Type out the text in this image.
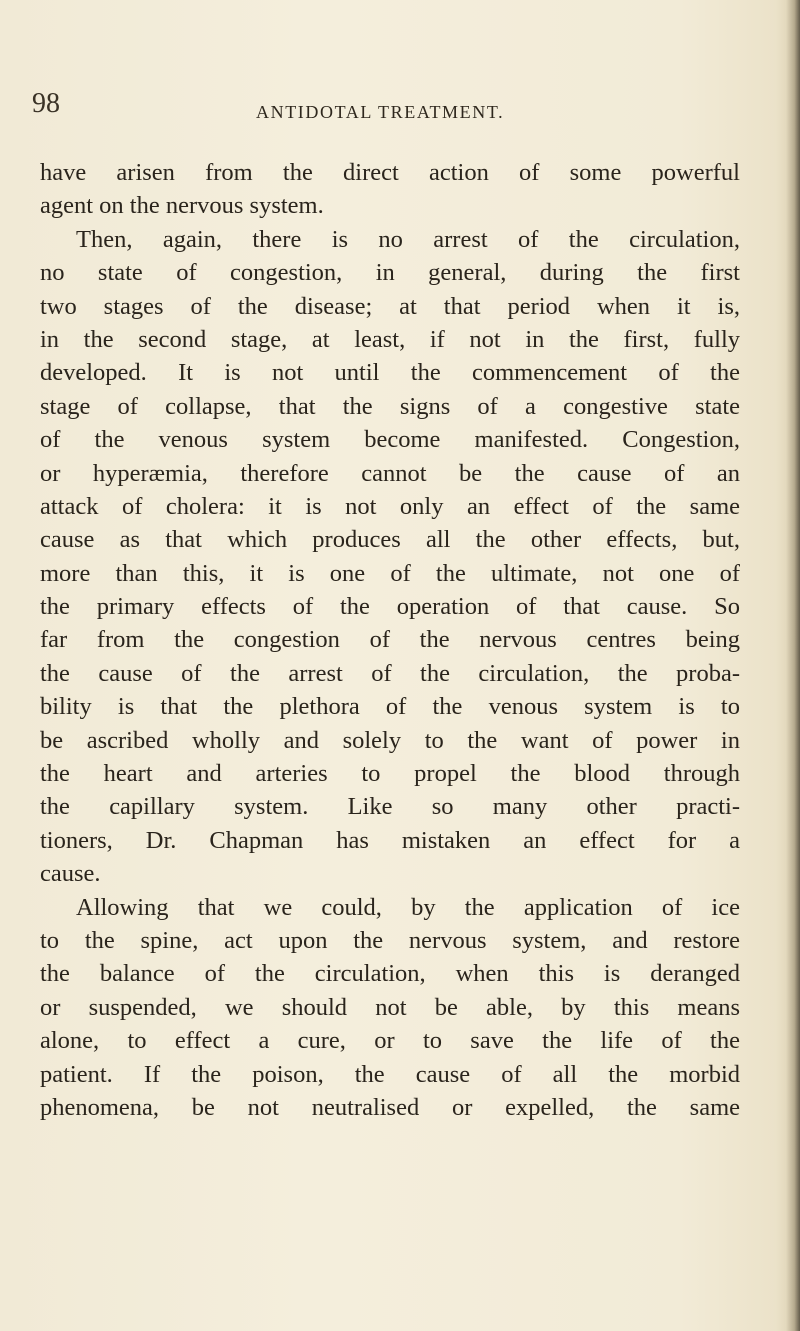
98	ANTIDOTAL TREATMENT.
have arisen from the direct action of some powerful
agent on the nervous system.
Then, again, there is no arrest of the circulation,
no state of congestion, in general, during the first
two stages of the disease; at that period when it is,
in the second stage, at least, if not in the first, fully
developed. It is not until the commencement of the
stage of collapse, that the signs of a congestive state
of the venous system become manifested. Congestion,
or hyperæmia, therefore cannot be the cause of an
attack of cholera: it is not only an effect of the same
cause as that which produces all the other effects, but,
more than this, it is one of the ultimate, not one of
the primary effects of the operation of that cause. So
far from the congestion of the nervous centres being
the cause of the arrest of the circulation, the proba-
bility is that the plethora of the venous system is to
be ascribed wholly and solely to the want of power in
the heart and arteries to propel the blood through
the capillary system. Like so many other practi-
tioners, Dr. Chapman has mistaken an effect for a
cause.
Allowing that we could, by the application of ice
to the spine, act upon the nervous system, and restore
the balance of the circulation, when this is deranged
or suspended, we should not be able, by this means
alone, to effect a cure, or to save the life of the
patient. If the poison, the cause of all the morbid
phenomena, be not neutralised or expelled, the same
